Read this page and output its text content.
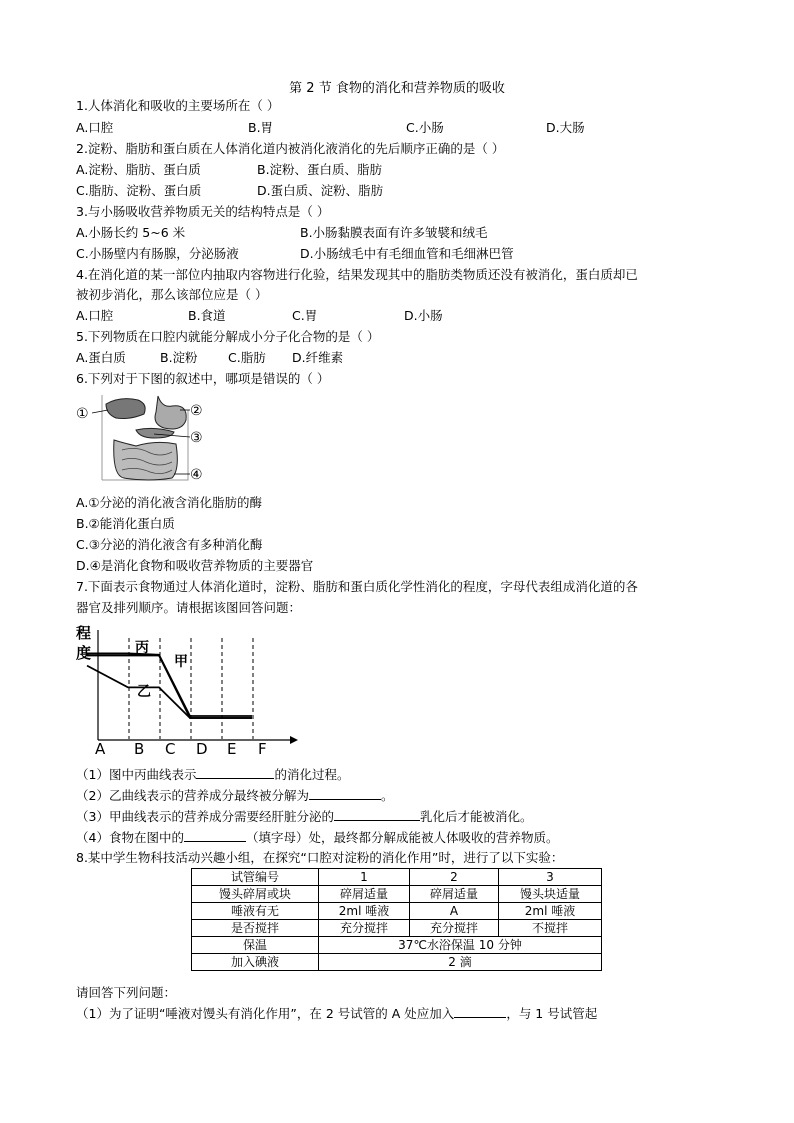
第 2 节 食物的消化和营养物质的吸收
1.人体消化和吸收的主要场所在（ ）
A.口腔	B.胃	C.小肠	D.大肠
2.淀粉、脂肪和蛋白质在人体消化道内被消化液消化的先后顺序正确的是（ ）
A.淀粉、脂肪、蛋白质	B.淀粉、蛋白质、脂肪
C.脂肪、淀粉、蛋白质	D.蛋白质、淀粉、脂肪
3.与小肠吸收营养物质无关的结构特点是（ ）
A.小肠长约 5~6 米	B.小肠黏膜表面有许多皱襞和绒毛
C.小肠壁内有肠腺，分泌肠液	D.小肠绒毛中有毛细血管和毛细淋巴管
4.在消化道的某一部位内抽取内容物进行化验，结果发现其中的脂肪类物质还没有被消化，蛋白质却已
被初步消化，那么该部位应是（ ）
A.口腔	B.食道	C.胃	D.小肠
5.下列物质在口腔内就能分解成小分子化合物的是（ ）
A.蛋白质	B.淀粉 C.脂肪 D.纤维素
6.下列对于下图的叙述中，哪项是错误的（ ）
①	②
③
④
A.①分泌的消化液含消化脂肪的酶
B.②能消化蛋白质
C.③分泌的消化液含有多种消化酶
D.④是消化食物和吸收营养物质的主要器官
7.下面表示食物通过人体消化道时，淀粉、脂肪和蛋白质化学性消化的程度，字母代表组成消化道的各
器官及排列顺序。请根据该图回答问题：
程
度	丙
甲
乙
A B C D E F
（1）图中丙曲线表示	的消化过程。
（2）乙曲线表示的营养成分最终被分解为	。
（3）甲曲线表示的营养成分需要经肝脏分泌的	乳化后才能被消化。
（4）食物在图中的	（填字母）处，最终都分解成能被人体吸收的营养物质。
8.某中学生物科技活动兴趣小组，在探究“口腔对淀粉的消化作用”时，进行了以下实验：
试管编号	1	2	3
馒头碎屑或块	碎屑适量	碎屑适量	馒头块适量
唾液有无	2ml 唾液	A	2ml 唾液
是否搅拌	充分搅拌	充分搅拌	不搅拌
保温	37℃水浴保温 10 分钟		
加入碘液	2 滴		
请回答下列问题：
（1）为了证明“唾液对馒头有消化作用”，在 2 号试管的 A 处应加入	，与 1 号试管起
